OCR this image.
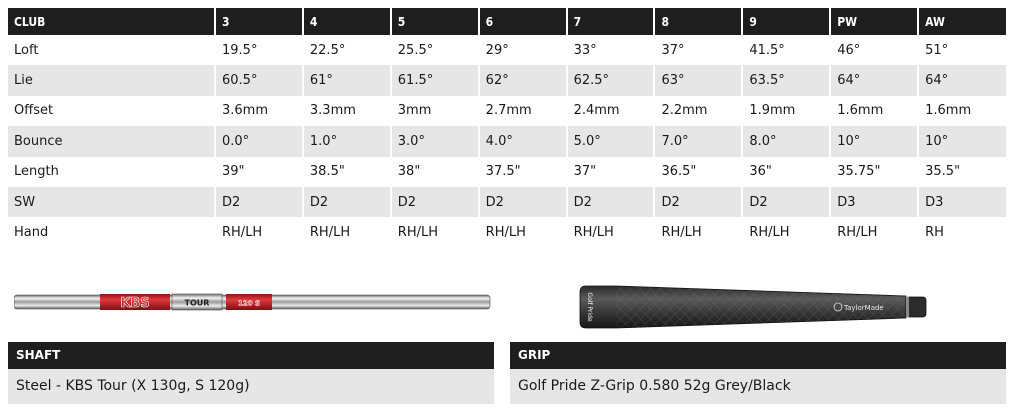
CLUB	3	4	5	6	7	8	9	PW	AW
Loft	19.5°	22.5°	25.5°	29°	33°	37°	41.5°	46°	51°
Lie	60.5°	61°	61.5°	62°	62.5°	63°	63.5°	64°	64°
Offset	3.6mm	3.3mm	3mm	2.7mm	2.4mm	2.2mm	1.9mm	1.6mm	1.6mm
Bounce	0.0°	1.0°	3.0°	4.0°	5.0°	7.0°	8.0°	10°	10°
Length	39"	38.5"	38"	37.5"	37"	36.5"	36"	35.75"	35.5"
SW	D2	D2	D2	D2	D2	D2	D2	D3	D3
Hand	RH/LH	RH/LH	RH/LH	RH/LH	RH/LH	RH/LH	RH/LH	RH/LH	RH
KBS	TOUR	120 S	Golf Pride	TaylorMade
SHAFT
Steel - KBS Tour (X 130g, S 120g)
GRIP
Golf Pride Z-Grip 0.580 52g Grey/Black
